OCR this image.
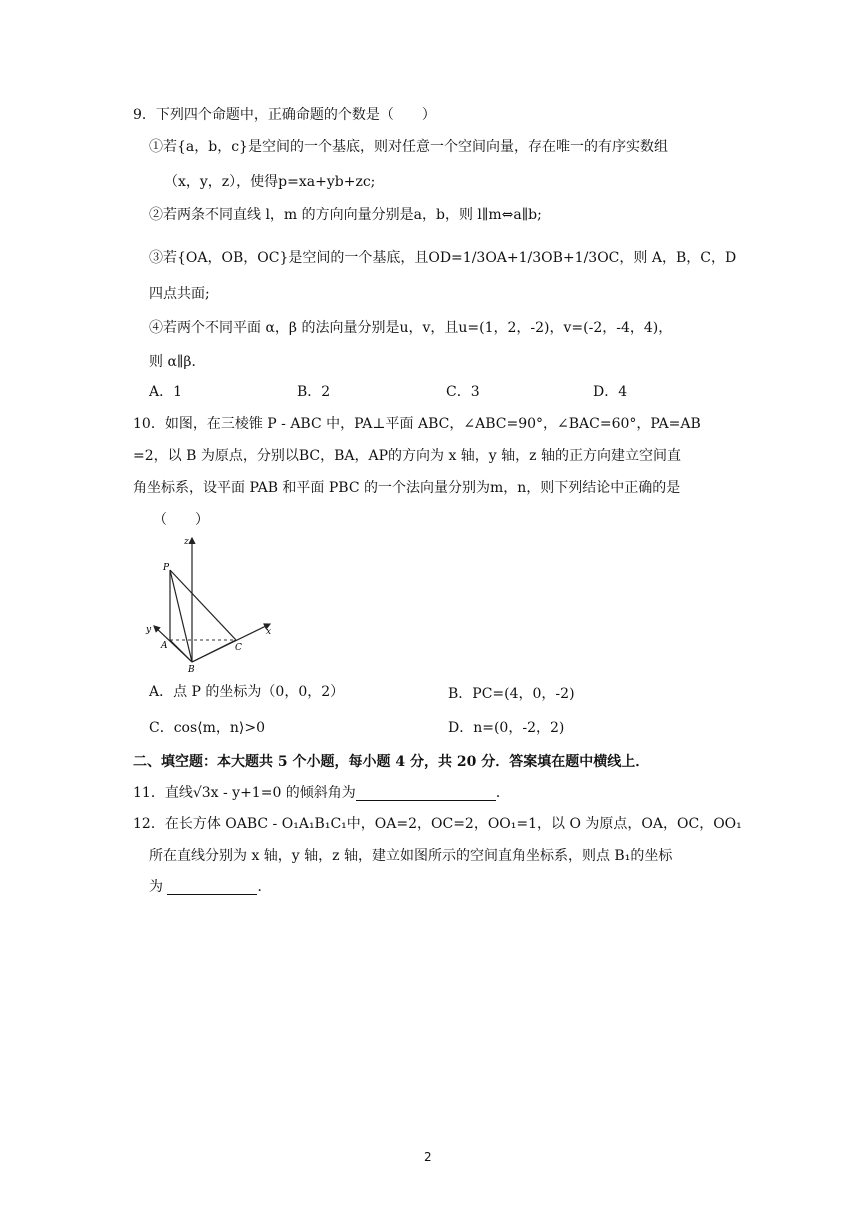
9．下列四个命题中，正确命题的个数是（　　）
①若{a，b，c}是空间的一个基底，则对任意一个空间向量，存在唯一的有序实数组
（x，y，z），使得p=xa+yb+zc;
②若两条不同直线 l，m 的方向向量分别是a，b，则 l∥m⇔a∥b;
③若{OA，OB，OC}是空间的一个基底，且OD=1/3OA+1/3OB+1/3OC，则 A，B，C，D
四点共面;
④若两个不同平面 α，β 的法向量分别是u，v，且u=(1，2，-2)，v=(-2，-4，4)，
则 α∥β．
A．1	B．2	C．3	D．4
10．如图，在三棱锥 P - ABC 中，PA⊥平面 ABC，∠ABC=90°，∠BAC=60°，PA=AB
=2，以 B 为原点，分别以BC，BA，AP的方向为 x 轴，y 轴，z 轴的正方向建立空间直
角坐标系，设平面 PAB 和平面 PBC 的一个法向量分别为m，n，则下列结论中正确的是
（　　）
z
y	x
P
A
B
C
A．点 P 的坐标为（0，0，2）	B．PC=(4，0，-2)
C．cos⟨m，n⟩>0	D．n=(0，-2，2)
二、填空题：本大题共 5 个小题，每小题 4 分，共 20 分．答案填在题中横线上．
11．直线√3x - y+1=0 的倾斜角为	．
12．在长方体 OABC - O₁A₁B₁C₁中，OA=2，OC=2，OO₁=1，以 O 为原点，OA，OC，OO₁
所在直线分别为 x 轴，y 轴，z 轴，建立如图所示的空间直角坐标系，则点 B₁的坐标
为	．
2
